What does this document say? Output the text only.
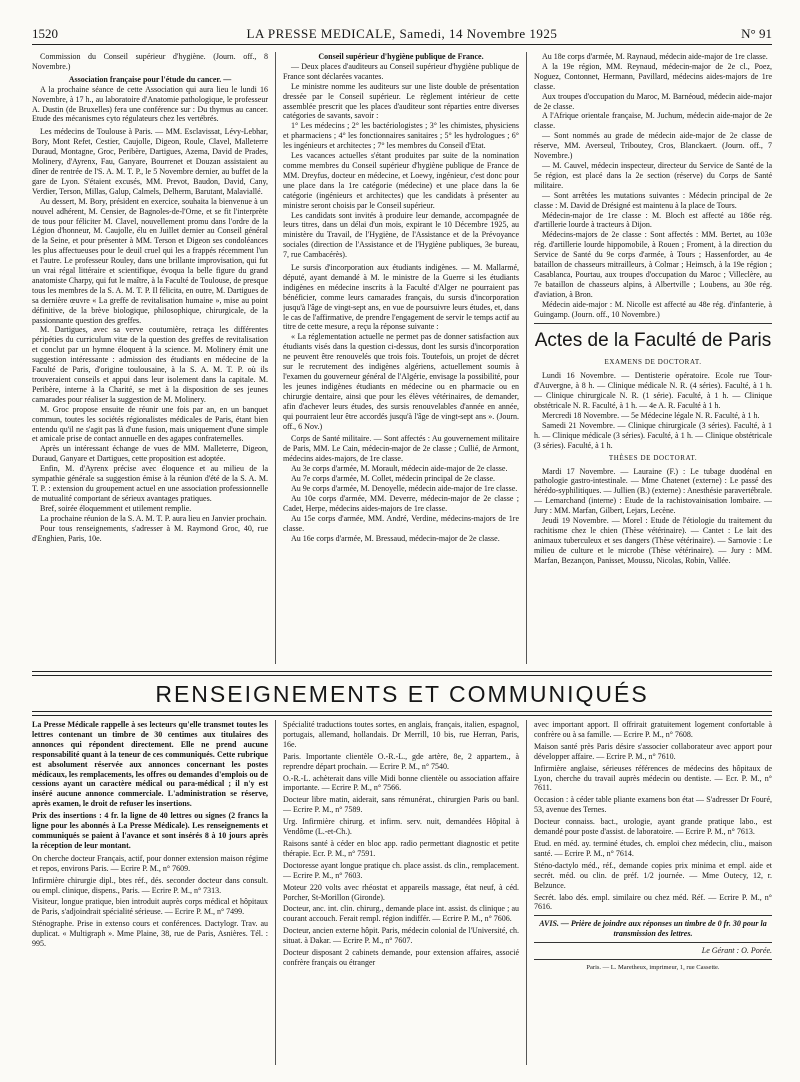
1520	LA PRESSE MEDICALE, Samedi, 14 Novembre 1925	N° 91

Commission du Conseil supérieur d'hygiène. (Journ. off., 8 Novembre.)

Association française pour l'étude du cancer. —

A la prochaine séance de cette Association qui aura lieu le lundi 16 Novembre, à 17 h., au laboratoire d'Anatomie pathologique, le professeur A. Dustin (de Bruxelles) fera une conférence sur : Du thymus au cancer. Etude des mécanismes cyto régulateurs chez les vertébrés.

Les médecins de Toulouse à Paris. — MM. Esclavissat, Lévy-Lebhar, Bory, Mont Refet, Cestier, Caujolle, Digeon, Roule, Clavel, Malleterre Duraud, Montagne, Groc, Peribère, Dartigues, Azema, David de Prades, Molinery, d'Ayrenx, Fau, Ganyare, Bourrenet et Douzan assistaient au dîner de rentrée de l'S. A. M. T. P., le 5 Novembre dernier, au buffet de la gare de Lyon. S'étaient excusés, MM. Prevot, Baudon, David, Cany, Verdier, Terson, Millas, Galup, Calmels, Delherm, Barutant, Malaviallé.

Au dessert, M. Bory, président en exercice, souhaita la bienvenue à un nouvel adhérent, M. Censier, de Bagnoles-de-l'Orne, et se fit l'interprète de tous pour féliciter M. Clavel, nouvellement promu dans l'ordre de la Légion d'honneur, M. Caujolle, élu en Juillet dernier au Conseil général de la Seine, et pour présenter à MM. Terson et Digeon ses condoléances les plus affectueuses pour le deuil cruel qui les a frappés récemment l'un et l'autre. Le professeur Rouley, dans une brillante improvisation, qui fut un vrai régal littéraire et scientifique, évoqua la belle figure du grand anatomiste Charpy, qui fut le maître, à la Faculté de Toulouse, de presque tous les membres de la S. A. M. T. P. Il félicita, en outre, M. Dartigues de sa dernière œuvre « La greffe de revitalisation humaine », mise au point définitive, de la brève biologique, philosophique, chirurgicale, de la passionnante question des greffes.

M. Dartigues, avec sa verve coutumière, retraça les différentes péripéties du curriculum vitæ de la question des greffes de revitalisation et conclut par un hymne éloquent à la science. M. Molinery émit une suggestion intéressante : admission des étudiants en médecine de la Faculté de Paris, d'origine toulousaine, à la S. A. M. T. P. où ils trouveraient conseils et appui dans leur isolement dans la capitale. M. Peribère, interne à la Charité, se met à la disposition de ses jeunes camarades pour réaliser la suggestion de M. Molinery.

M. Groc propose ensuite de réunir une fois par an, en un banquet commun, toutes les sociétés régionalistes médicales de Paris, étant bien entendu qu'il ne s'agit pas là d'une fusion, mais uniquement d'une simple et amicale prise de contact annuelle en des agapes confraternelles.

Après un intéressant échange de vues de MM. Malleterre, Digeon, Duraud, Ganyare et Dartigues, cette proposition est adoptée.

Enfin, M. d'Ayrenx précise avec éloquence et au milieu de la sympathie générale sa suggestion émise à la réunion d'été de la S. A. M. T. P. : extension du groupement actuel en une association professionnelle de mutualité comportant de sérieux avantages pratiques.

Bref, soirée éloquemment et utilement remplie.

La prochaine réunion de la S. A. M. T. P. aura lieu en Janvier prochain.

Pour tous renseignements, s'adresser à M. Raymond Groc, 40, rue d'Enghien, Paris, 10e.

Conseil supérieur d'hygiène publique de France.

— Deux places d'auditeurs au Conseil supérieur d'hygiène publique de France sont déclarées vacantes.

Le ministre nomme les auditeurs sur une liste double de présentation dressée par le Conseil supérieur. Le règlement intérieur de cette assemblée prescrit que les places d'auditeur sont réparties entre diverses catégories de savants, savoir :

1° Les médecins ; 2° les bactériologistes ; 3° les chimistes, physiciens et pharmaciens ; 4° les fonctionnaires sanitaires ; 5° les hydrologues ; 6° les ingénieurs et architectes ; 7° les membres du Conseil d'Etat.

Les vacances actuelles s'étant produites par suite de la nomination comme membres du Conseil supérieur d'hygiène publique de France de MM. Dreyfus, docteur en médecine, et Loewy, ingénieur, c'est donc pour une place dans la 1re catégorie (médecine) et une place dans la 6e catégorie (ingénieurs et architectes) que les candidats à présenter au ministre seront choisis par le Conseil supérieur.

Les candidats sont invités à produire leur demande, accompagnée de leurs titres, dans un délai d'un mois, expirant le 10 Décembre 1925, au ministère du Travail, de l'Hygiène, de l'Assistance et de la Prévoyance sociales (direction de l'Assistance et de l'Hygiène publiques, 3e bureau, 7, rue Cambacérès).

Le sursis d'incorporation aux étudiants indigènes. — M. Mallarmé, député, ayant demandé à M. le ministre de la Guerre si les étudiants indigènes en médecine inscrits à la Faculté d'Alger ne pourraient pas bénéficier, comme leurs camarades français, du sursis d'incorporation jusqu'à l'âge de vingt-sept ans, en vue de poursuivre leurs études, et, dans le cas de l'affirmative, de prendre l'engagement de servir le temps actif au titre de cette mesure, a reçu la réponse suivante :

« La réglementation actuelle ne permet pas de donner satisfaction aux étudiants visés dans la question ci-dessus, dont les sursis d'incorporation ne peuvent être renouvelés que trois fois. Toutefois, un projet de décret sur le recrutement des indigènes algériens, actuellement soumis à l'examen du gouverneur général de l'Algérie, envisage la possibilité, pour les jeunes indigènes étudiants en médecine ou en pharmacie ou en chirurgie dentaire, ainsi que pour les élèves vétérinaires, de demander, afin d'achever leurs études, des sursis renouvelables d'année en année, qui pourraient leur être accordés jusqu'à l'âge de vingt-sept ans ». (Journ. off., 6 Nov.)

Corps de Santé militaire. — Sont affectés : Au gouvernement militaire de Paris, MM. Le Cain, médecin-major de 2e classe ; Cullié, de Armont, médecins aides-majors, de 1re classe.

Au 3e corps d'armée, M. Morault, médecin aide-major de 2e classe.

Au 7e corps d'armée, M. Collet, médecin principal de 2e classe.

Au 9e corps d'armée, M. Denoyelle, médecin aide-major de 1re classe.

Au 10e corps d'armée, MM. Deverre, médecin-major de 2e classe ; Cadet, Herpe, médecins aides-majors de 1re classe.

Au 15e corps d'armée, MM. André, Verdine, médecins-majors de 1re classe.

Au 16e corps d'armée, M. Bressaud, médecin-major de 2e classe.

Au 18e corps d'armée, M. Raynaud, médecin aide-major de 1re classe.

A la 19e région, MM. Reynaud, médecin-major de 2e cl., Poez, Noguez, Contonnet, Hermann, Pavillard, médecins aides-majors de 1re classe.

Aux troupes d'occupation du Maroc, M. Barnéoud, médecin aide-major de 2e classe.

A l'Afrique orientale française, M. Juchum, médecin aide-major de 2e classe.

— Sont nommés au grade de médecin aide-major de 2e classe de réserve, MM. Averseul, Triboutey, Cros, Blanckaert. (Journ. off., 7 Novembre.)

— M. Cauvel, médecin inspecteur, directeur du Service de Santé de la 5e région, est placé dans la 2e section (réserve) du Corps de Santé militaire.

— Sont arrêtées les mutations suivantes : Médecin principal de 2e classe : M. David de Drésigné est maintenu à la place de Tours.

Médecin-major de 1re classe : M. Bloch est affecté au 186e rég. d'artillerie lourde à tracteurs à Dijon.

Médecins-majors de 2e classe : Sont affectés : MM. Bertet, au 103e rég. d'artillerie lourde hippomobile, à Rouen ; Froment, à la direction du Service de Santé du 9e corps d'armée, à Tours ; Hassenforder, au 4e bataillon de chasseurs mitrailleurs, à Colmar ; Heimsch, à la 19e région ; Casablanca, Pourtau, aux troupes d'occupation du Maroc ; Villeclère, au 7e bataillon de chasseurs alpins, à Albertville ; Loubens, au 30e rég. d'aviation, à Bron.

Médecin aide-major : M. Nicolle est affecté au 48e rég. d'infanterie, à Guingamp. (Journ. off., 10 Novembre.)

Actes de la Faculté de Paris
EXAMENS DE DOCTORAT.

Lundi 16 Novembre. — Dentisterie opératoire. Ecole rue Tour-d'Auvergne, à 8 h. — Clinique médicale N. R. (4 séries). Faculté, à 1 h. — Clinique chirurgicale N. R. (1 série). Faculté, à 1 h. — Clinique obstétricale N. R. Faculté, à 1 h. — 4e A. R. Faculté à 1 h.

Mercredi 18 Novembre. — 5e Médecine légale N. R. Faculté, à 1 h.

Samedi 21 Novembre. — Clinique chirurgicale (3 séries). Faculté, à 1 h. — Clinique médicale (3 séries). Faculté, à 1 h. — Clinique obstétricale (3 séries). Faculté, à 1 h.

THÈSES DE DOCTORAT.

Mardi 17 Novembre. — Lauraine (F.) : Le tubage duodénal en pathologie gastro-intestinale. — Mme Chatenet (externe) : Le passé des hérédo-syphilitiques. — Jullien (B.) (externe) : Anesthésie paravertébrale. — Lemarchand (interne) : Etude de la rachistovainisation lombaire. — Jury : MM. Marfan, Gilbert, Lejars, Lecène.

Jeudi 19 Novembre. — Morel : Etude de l'étiologie du traitement du rachitisme chez le chien (Thèse vétérinaire). — Cantet : Le lait des animaux tuberculeux et ses dangers (Thèse vétérinaire). — Sarnovie : Le milieu de culture et le microbe (Thèse vétérinaire). — Jury : MM. Marfan, Bezançon, Panisset, Moussu, Nicolas, Robin, Vallée.

RENSEIGNEMENTS ET COMMUNIQUÉS

La Presse Médicale rappelle à ses lecteurs qu'elle transmet toutes les lettres contenant un timbre de 30 centimes aux titulaires des annonces qui répondent directement. Elle ne prend aucune responsabilité quant à la teneur de ces communiqués. Cette rubrique est absolument réservée aux annonces concernant les postes médicaux, les remplacements, les offres ou demandes d'emplois ou de cessions ayant un caractère médical ou para-médical ; il n'y est inséré aucune annonce commerciale. L'administration se réserve, après examen, le droit de refuser les insertions.

Prix des insertions : 4 fr. la ligne de 40 lettres ou signes (2 francs la ligne pour les abonnés à La Presse Médicale). Les renseignements et communiqués se paient à l'avance et sont insérés 8 à 10 jours après la réception de leur montant.

On cherche docteur Français, actif, pour donner extension maison régime et repos, environs Paris. — Ecrire P. M., n° 7609.

Infirmière chirurgie dipl., btes réf., dés. seconder docteur dans consult. ou empl. clinique, dispens., Paris. — Ecrire P. M., n° 7313.

Visiteur, longue pratique, bien introduit auprès corps médical et hôpitaux de Paris, s'adjoindrait spécialité sérieuse. — Ecrire P. M., n° 7499.

Sténographe. Prise in extenso cours et conférences. Dactylogr. Trav. au duplicat. « Multigraph ». Mme Plaine, 38, rue de Paris, Asnières. Tél. : 995.

Spécialité traductions toutes sortes, en anglais, français, italien, espagnol, portugais, allemand, hollandais. Dr Merrill, 10 bis, rue Herran, Paris, 16e.

Paris. Importante clientèle O.-R.-L., gde artère, 8e, 2 appartem., à reprendre départ prochain. — Ecrire P. M., n° 7540.

O.-R.-L. achèterait dans ville Midi bonne clientèle ou association affaire importante. — Ecrire P. M., n° 7566.

Docteur libre matin, aiderait, sans rémunérat., chirurgien Paris ou banl. — Ecrire P. M., n° 7589.

Urg. Infirmière chirurg. et infirm. serv. nuit, demandées Hôpital à Vendôme (L.-et-Ch.).

Raisons santé à céder en bloc app. radio permettant diagnostic et petite thérapie. Ecr. P. M., n° 7591.

Doctoresse ayant longue pratique ch. place assist. ds clin., remplacement. — Ecrire P. M., n° 7603.

Moteur 220 volts avec rhéostat et appareils massage, état neuf, à céd. Porcher, St-Morillon (Gironde).

Docteur, anc. int. clin. chirurg., demande place int. assist. ds clinique ; au courant accouch. Ferait rempl. région indiffér. — Ecrire P. M., n° 7606.

Docteur, ancien externe hôpit. Paris, médecin colonial de l'Université, ch. situat. à Dakar. — Ecrire P. M., n° 7607.

Docteur disposant 2 cabinets demande, pour extension affaires, associé confrère français ou étranger

avec important apport. Il offrirait gratuitement logement confortable à confrère ou à sa famille. — Ecrire P. M., n° 7608.

Maison santé près Paris désire s'associer collaborateur avec apport pour développer affaire. — Ecrire P. M., n° 7610.

Infirmière anglaise, sérieuses références de médecins des hôpitaux de Lyon, cherche du travail auprès médecin ou dentiste. — Ecr. P. M., n° 7611.

Occasion : à céder table pliante examens bon état — S'adresser Dr Fouré, 53, avenue des Ternes.

Docteur connaiss. bact., urologie, ayant grande pratique labo., est demandé pour poste d'assist. de laboratoire. — Ecrire P. M., n° 7613.

Etud. en méd. ay. terminé études, ch. emploi chez médecin, cliu., maison santé. — Ecrire P. M., n° 7614.

Sténo-dactylo méd., réf., demande copies prix minima et empl. aide et secrét. méd. ou clin. de préf. 1/2 journée. — Mme Outecy, 12, r. Belzunce.

Secrét. labo dés. empl. similaire ou chez méd. Réf. — Ecrire P. M., n° 7616.

AVIS. — Prière de joindre aux réponses un timbre de 0 fr. 30 pour la transmission des lettres.

Le Gérant : O. Porée.

Paris. — L. Maretheux, imprimeur, 1, rue Cassette.
